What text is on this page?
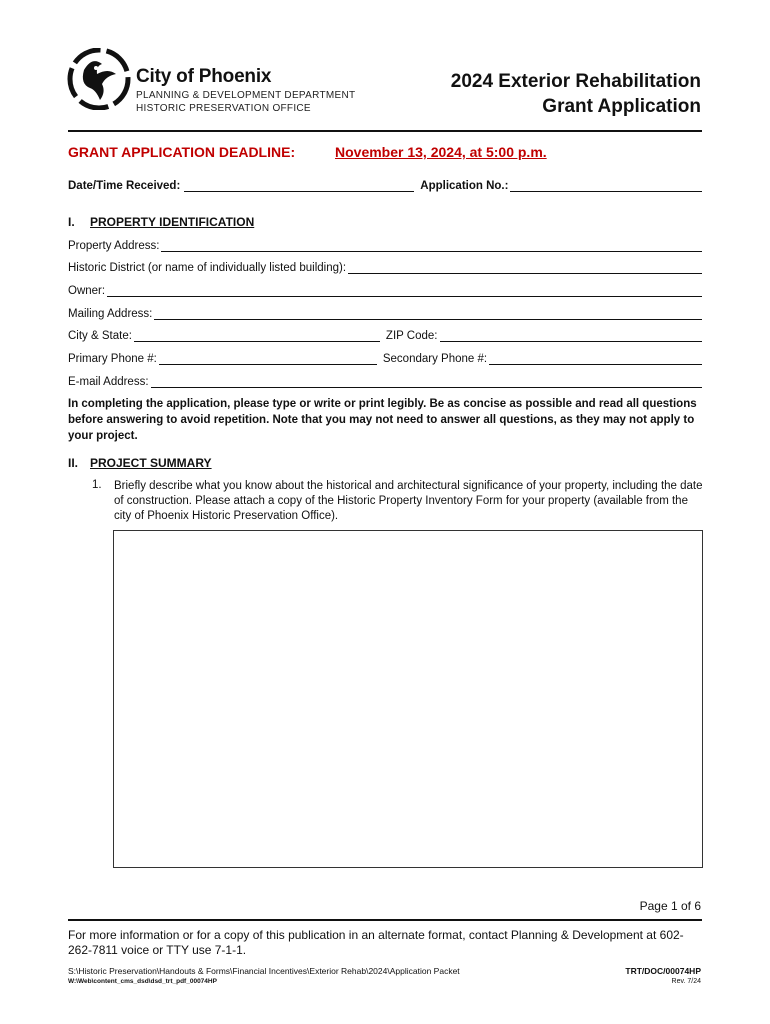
City of Phoenix
PLANNING & DEVELOPMENT DEPARTMENT
HISTORIC PRESERVATION OFFICE
2024 Exterior Rehabilitation
Grant Application
GRANT APPLICATION DEADLINE:	November 13, 2024, at 5:00 p.m.
Date/Time Received:	Application No.:
I. PROPERTY IDENTIFICATION
Property Address:
Historic District (or name of individually listed building):
Owner:
Mailing Address:
City & State:	ZIP Code:
Primary Phone #:	Secondary Phone #:
E-mail Address:
In completing the application, please type or write or print legibly. Be as concise as possible and read all questions before answering to avoid repetition. Note that you may not need to answer all questions, as they may not apply to your project.
II. PROJECT SUMMARY
1. Briefly describe what you know about the historical and architectural significance of your property, including the date of construction. Please attach a copy of the Historic Property Inventory Form for your property (available from the city of Phoenix Historic Preservation Office).
Page 1 of 6
For more information or for a copy of this publication in an alternate format, contact Planning & Development at 602-262-7811 voice or TTY use 7-1-1.
S:\Historic Preservation\Handouts & Forms\Financial Incentives\Exterior Rehab\2024\Application Packet
W:\Web\content_cms_dsd\dsd_trt_pdf_00074HP
TRT/DOC/00074HP
Rev. 7/24
